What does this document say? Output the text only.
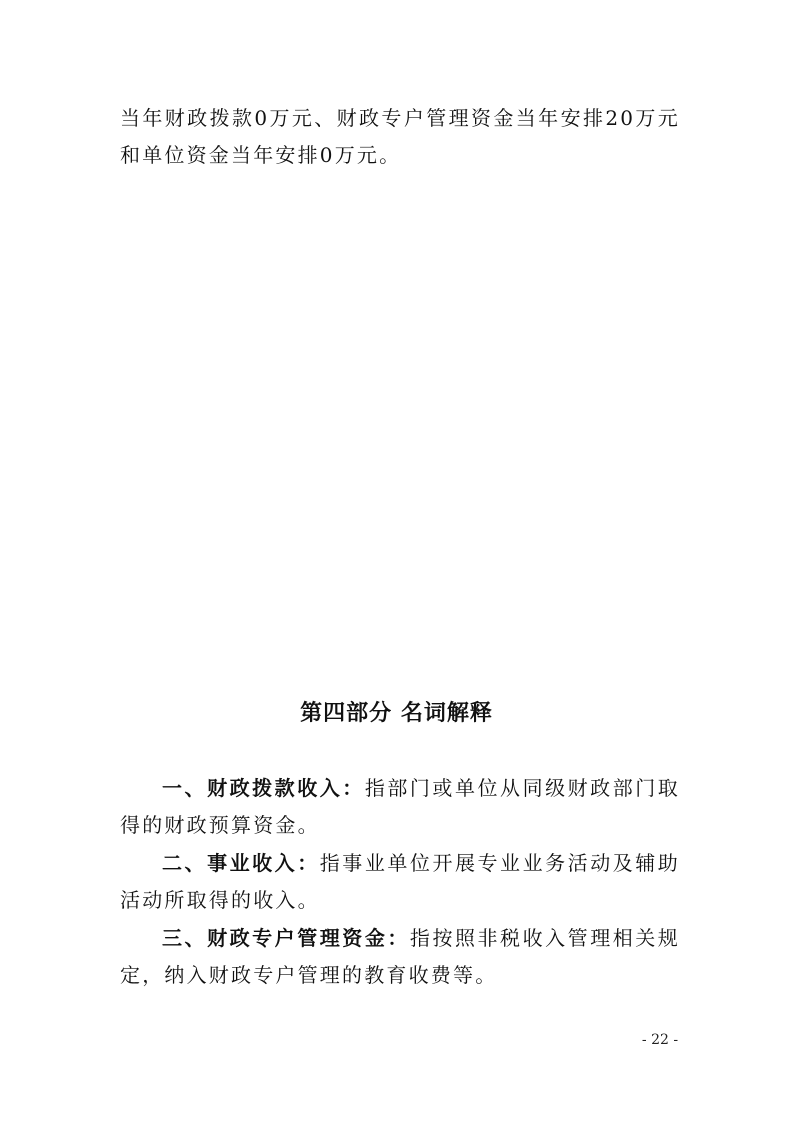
当年财政拨款0万元、财政专户管理资金当年安排20万元和单位资金当年安排0万元。

第四部分 名词解释

一、财政拨款收入：指部门或单位从同级财政部门取得的财政预算资金。

二、事业收入：指事业单位开展专业业务活动及辅助活动所取得的收入。

三、财政专户管理资金：指按照非税收入管理相关规定，纳入财政专户管理的教育收费等。

- 22 -
